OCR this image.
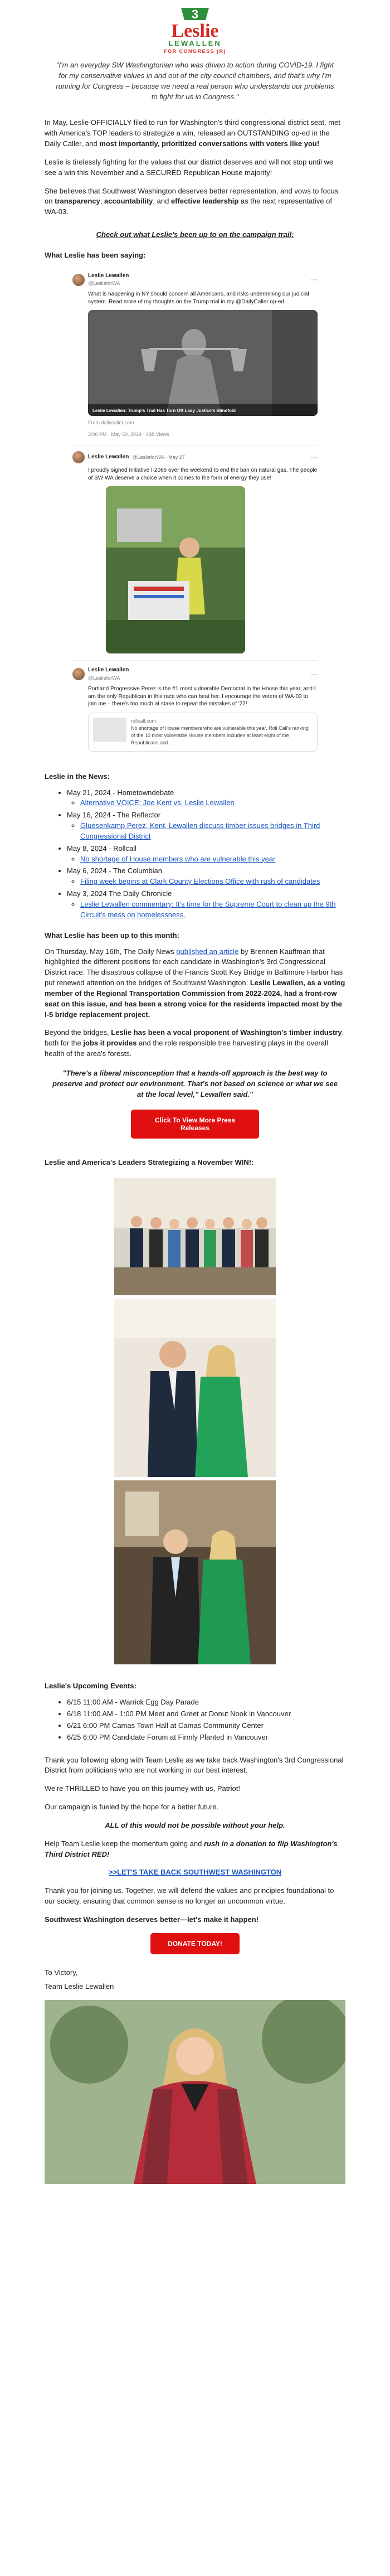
3
Leslie
LEWALLEN
FOR CONGRESS (R)

"I'm an everyday SW Washingtonian who was driven to action during COVID-19. I fight for my conservative values in and out of the city council chambers, and that's why I'm running for Congress – because we need a real person who understands our problems to fight for us in Congress."

In May, Leslie OFFICIALLY filed to run for Washington's third congressional district seat, met with America's TOP leaders to strategize a win, released an OUTSTANDING op-ed in the Daily Caller, and most importantly, prioritized conversations with voters like you!

Leslie is tirelessly fighting for the values that our district deserves and will not stop until we see a win this November and a SECURED Republican House majority!

She believes that Southwest Washington deserves better representation, and vows to focus on transparency, accountability, and effective leadership as the next representative of WA-03.

Check out what Leslie's been up to on the campaign trail:

What Leslie has been saying:
Leslie Lewallen
@LeslieforWA
···
What is happening in NY should concern all Americans, and risks undermining our judicial system. Read more of my thoughts on the Trump trial in my @DailyCaller op-ed
Leslie Lewallen: Trump's Trial Has Torn Off Lady Justice's Blindfold
From dailycaller.com
3:00 PM · May 30, 2024 · 498 Views
Leslie Lewallen @LeslieforWA · May 27	···
I proudly signed Initiative I-2066 over the weekend to end the ban on natural gas. The people of SW WA deserve a choice when it comes to the form of energy they use!
Leslie Lewallen
@LeslieforWA
···
Portland Progressive Perez is the #1 most vulnerable Democrat in the House this year, and I am the only Republican in this race who can beat her. I encourage the voters of WA-03 to join me – there's too much at stake to repeat the mistakes of '22!
rollcall.com
No shortage of House members who are vulnerable this year. Roll Call's ranking of the 10 most vulnerable House members includes at least eight of the Republicans and ...
Leslie in the News:
• May 21, 2024 - Hometowndebate
◦ Alternative VOICE: Joe Kent vs. Leslie Lewallen
• May 16, 2024 - The Reflector
◦ Gluesenkamp Perez, Kent, Lewallen discuss timber issues bridges in Third Congressional District
• May 8, 2024 - Rollcall
◦ No shortage of House members who are vulnerable this year
• May 6, 2024 - The Columbian
◦ Filing week begins at Clark County Elections Office with rush of candidates
• May 3, 2024 The Daily Chronicle
◦ Leslie Lewallen commentary: It's time for the Supreme Court to clean up the 9th Circuit's mess on homelessness.
What Leslie has been up to this month:

On Thursday, May 16th, The Daily News published an article by Brennen Kauffman that highlighted the different positions for each candidate in Washington's 3rd Congressional District race. The disastrous collapse of the Francis Scott Key Bridge in Baltimore Harbor has put renewed attention on the bridges of Southwest Washington. Leslie Lewallen, as a voting member of the Regional Transportation Commission from 2022-2024, had a front-row seat on this issue, and has been a strong voice for the residents impacted most by the I-5 bridge replacement project.

Beyond the bridges, Leslie has been a vocal proponent of Washington's timber industry, both for the jobs it provides and the role responsible tree harvesting plays in the overall health of the area's forests.

"There's a liberal misconception that a hands-off approach is the best way to preserve and protect our environment. That's not based on science or what we see at the local level," Lewallen said."

Click To View More Press Releases
Leslie and America's Leaders Strategizing a November WIN!:
Leslie's Upcoming Events:
• 6/15 11:00 AM - Warrick Egg Day Parade
• 6/18 11:00 AM - 1:00 PM Meet and Greet at Donut Nook in Vancouver
• 6/21 6:00 PM Camas Town Hall at Camas Community Center
• 6/25 6:00 PM Candidate Forum at Firmly Planted in Vancouver

Thank you following along with Team Leslie as we take back Washington's 3rd Congressional District from politicians who are not working in our best interest.

We're THRILLED to have you on this journey with us, Patriot!

Our campaign is fueled by the hope for a better future.

ALL of this would not be possible without your help.

Help Team Leslie keep the momentum going and rush in a donation to flip Washington's Third District RED!

>>LET'S TAKE BACK SOUTHWEST WASHINGTON

Thank you for joining us. Together, we will defend the values and principles foundational to our society, ensuring that common sense is no longer an uncommon virtue.

Southwest Washington deserves better—let's make it happen!

DONATE TODAY!

To Victory,

Team Leslie Lewallen
